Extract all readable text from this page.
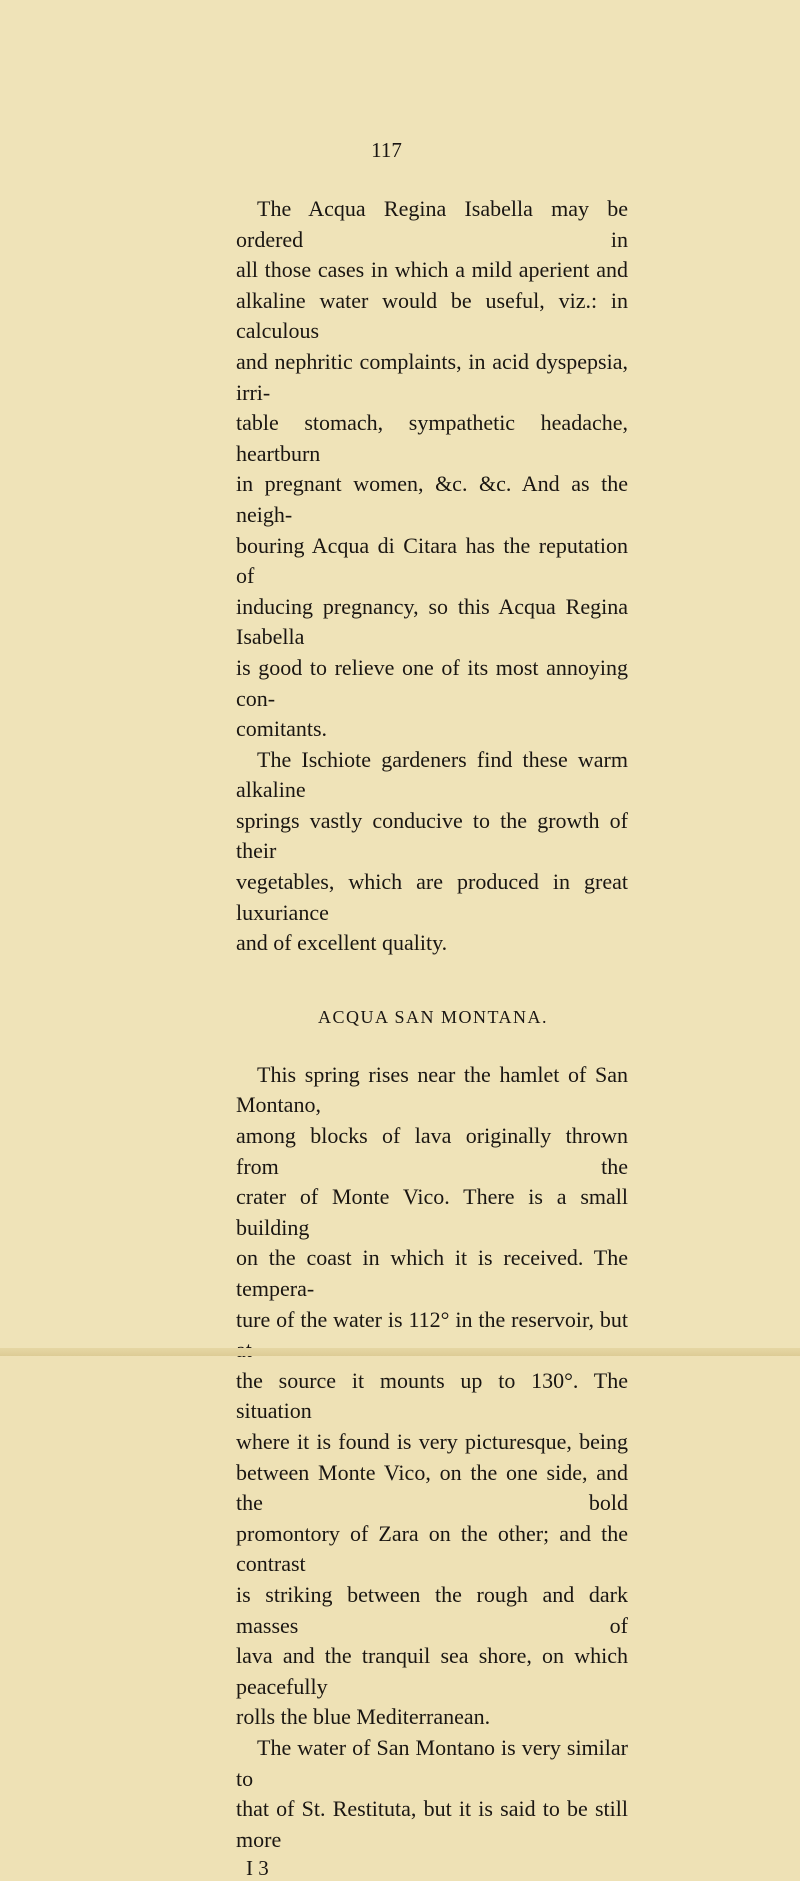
117

The Acqua Regina Isabella may be ordered in
all those cases in which a mild aperient and

alkaline water would be useful, viz.: in calculous
and nephritic complaints, in acid dyspepsia, irri-
table stomach, sympathetic headache, heartburn
in pregnant women, &c. &c. And as the neigh-
bouring Acqua di Citara has the reputation of
inducing pregnancy, so this Acqua Regina Isabella
is good to relieve one of its most annoying con-

comitants.

The Ischiote gardeners find these warm alkaline

springs vastly conducive to the growth of their
vegetables, which are produced in great luxuriance

and of excellent quality.

ACQUA SAN MONTANA.

This spring rises near the hamlet of San Montano,

among blocks of lava originally thrown from the
crater of Monte Vico. There is a small building
on the coast in which it is received. The tempera-
ture of the water is 112° in the reservoir, but
the source it mounts up to 130°. The situation
where it is found is very picturesque, being
between Monte Vico, on the one side, and the bold
promontory of Zara on the other; and the contrast
is striking between the rough and dark masses of
lava and the tranquil sea shore, on which peacefully

rolls the blue Mediterranean.

The water of San Montano is very similar to

that of St. Restituta, but it is said to be still more

I 3
